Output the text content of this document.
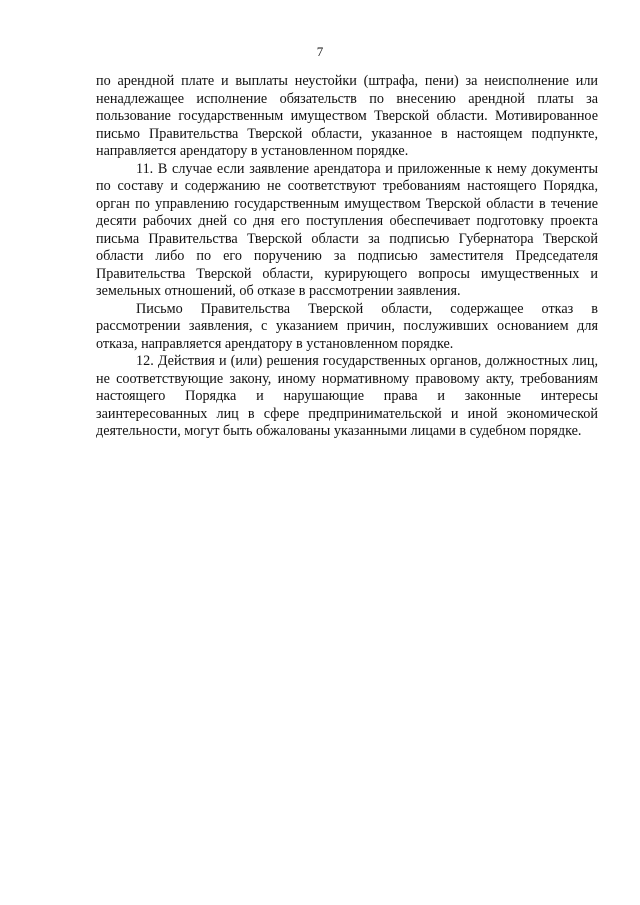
7

по арендной плате и выплаты неустойки (штрафа, пени) за неисполнение или ненадлежащее исполнение обязательств по внесению арендной платы за пользование государственным имуществом Тверской области. Мотивированное письмо Правительства Тверской области, указанное в настоящем подпункте, направляется арендатору в установленном порядке.

11. В случае если заявление арендатора и приложенные к нему документы по составу и содержанию не соответствуют требованиям настоящего Порядка, орган по управлению государственным имуществом Тверской области в течение десяти рабочих дней со дня его поступления обеспечивает подготовку проекта письма Правительства Тверской области за подписью Губернатора Тверской области либо по его поручению за подписью заместителя Председателя Правительства Тверской области, курирующего вопросы имущественных и земельных отношений, об отказе в рассмотрении заявления.

Письмо Правительства Тверской области, содержащее отказ в рассмотрении заявления, с указанием причин, послуживших основанием для отказа, направляется арендатору в установленном порядке.

12. Действия и (или) решения государственных органов, должностных лиц, не соответствующие закону, иному нормативному правовому акту, требованиям настоящего Порядка и нарушающие права и законные интересы заинтересованных лиц в сфере предпринимательской и иной экономической деятельности, могут быть обжалованы указанными лицами в судебном порядке.
